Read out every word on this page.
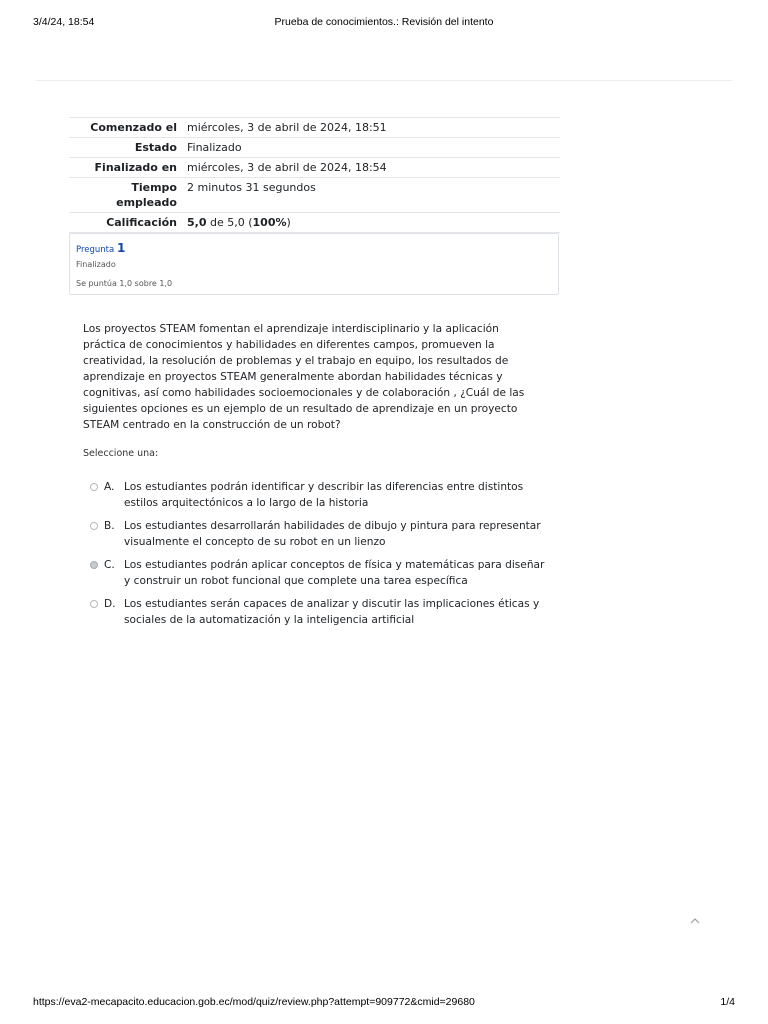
3/4/24, 18:54	Prueba de conocimientos.: Revisión del intento
Comenzado el	miércoles, 3 de abril de 2024, 18:51
Estado	Finalizado
Finalizado en	miércoles, 3 de abril de 2024, 18:54
Tiempo empleado	2 minutos 31 segundos
Calificación	5,0 de 5,0 (100%)
Pregunta 1
Finalizado
Se puntúa 1,0 sobre 1,0
Los proyectos STEAM fomentan el aprendizaje interdisciplinario y la aplicación práctica de conocimientos y habilidades en diferentes campos, promueven la creatividad, la resolución de problemas y el trabajo en equipo, los resultados de aprendizaje en proyectos STEAM generalmente abordan habilidades técnicas y cognitivas, así como habilidades socioemocionales y de colaboración , ¿Cuál de las siguientes opciones es un ejemplo de un resultado de aprendizaje en un proyecto STEAM centrado en la construcción de un robot?
Seleccione una:
A. Los estudiantes podrán identificar y describir las diferencias entre distintos estilos arquitectónicos a lo largo de la historia
B. Los estudiantes desarrollarán habilidades de dibujo y pintura para representar visualmente el concepto de su robot en un lienzo
C. Los estudiantes podrán aplicar conceptos de física y matemáticas para diseñar y construir un robot funcional que complete una tarea específica
D. Los estudiantes serán capaces de analizar y discutir las implicaciones éticas y sociales de la automatización y la inteligencia artificial
https://eva2-mecapacito.educacion.gob.ec/mod/quiz/review.php?attempt=909772&cmid=29680	1/4
